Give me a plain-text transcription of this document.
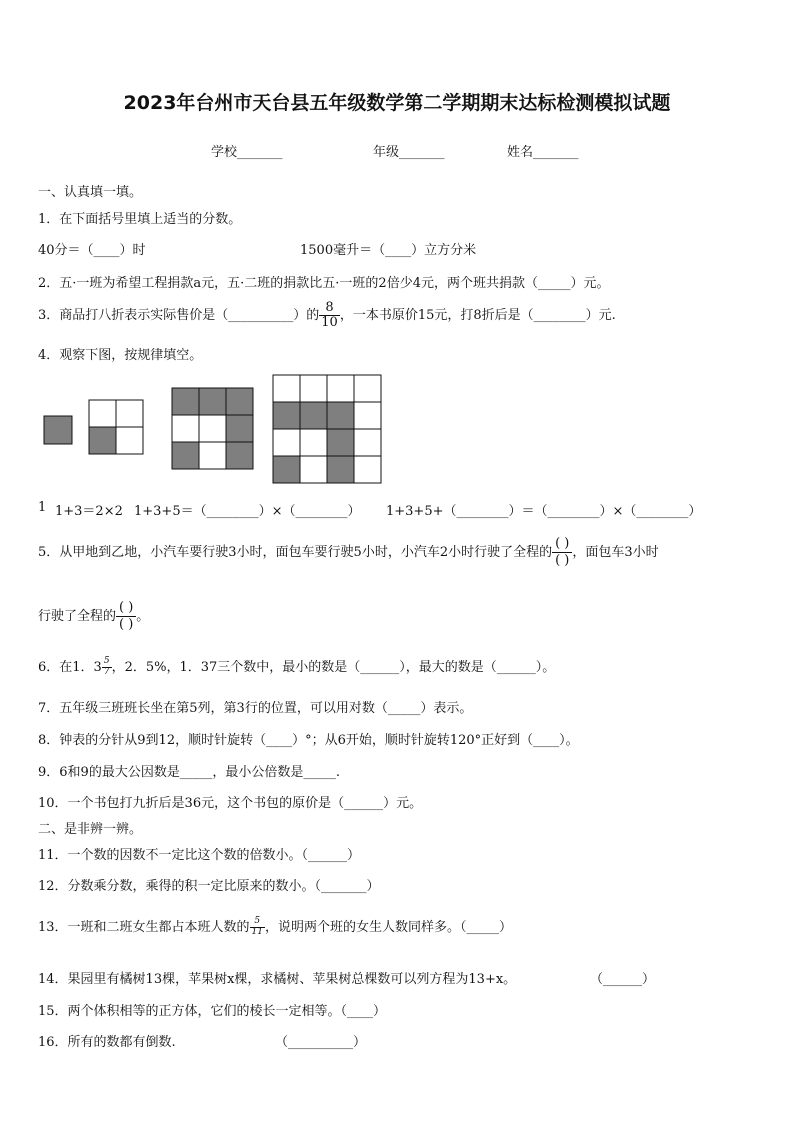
2023年台州市天台县五年级数学第二学期期末达标检测模拟试题
学校_______	年级_______	姓名_______
一、认真填一填。
1．在下面括号里填上适当的分数。
40分＝（____）时	1500毫升＝（____）立方分米
2．五·一班为希望工程捐款a元，五·二班的捐款比五·一班的2倍少4元，两个班共捐款（_____）元。
3．商品打八折表示实际售价是（__________）的 $\frac{8}{10}$ ，一本书原价15元，打8折后是（________）元.
4．观察下图，按规律填空。
1 1+3＝2×2 1+3+5＝（________）×（________） 1+3+5+（________）＝（________）×（________）
5．从甲地到乙地，小汽车要行驶3小时，面包车要行驶5小时，小汽车2小时行驶了全程的 $\frac{( )}{( )}$ ，面包车3小时
行驶了全程的 $\frac{( )}{( )}$ 。
6．在1．$3 \frac{5}{7}$ ，2．5%，1．37三个数中，最小的数是（______），最大的数是（______）。
7．五年级三班班长坐在第5列，第3行的位置，可以用对数（_____）表示。
8．钟表的分针从9到12，顺时针旋转（____）°；从6开始，顺时针旋转120°正好到（____）。
9．6和9的最大公因数是_____，最小公倍数是_____.
10．一个书包打九折后是36元，这个书包的原价是（______）元。
二、是非辨一辨。
11．一个数的因数不一定比这个数的倍数小。（______）
12．分数乘分数，乘得的积一定比原来的数小。（_______）
13．一班和二班女生都占本班人数的 $\frac{5}{11}$ ，说明两个班的女生人数同样多。（_____）
14．果园里有橘树13棵，苹果树x棵，求橘树、苹果树总棵数可以列方程为13+x。	（______）
15．两个体积相等的正方体，它们的棱长一定相等。（____）
16．所有的数都有倒数.	（__________）
